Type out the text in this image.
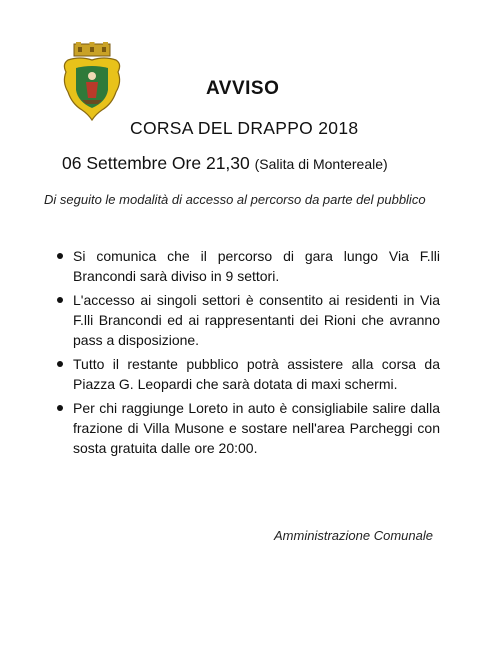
AVVISO
CORSA DEL DRAPPO 2018
06 Settembre Ore 21,30 (Salita di Montereale)
Di seguito le modalità di accesso al percorso da parte del pubblico
Si comunica che il percorso di gara lungo Via F.lli Brancondi sarà diviso in 9 settori.
L'accesso ai singoli settori è consentito ai residenti in Via F.lli Brancondi ed ai rappresentanti dei Rioni che avranno pass a disposizione.
Tutto il restante pubblico potrà assistere alla corsa da Piazza G. Leopardi che sarà dotata di maxi schermi.
Per chi raggiunge Loreto in auto è consigliabile salire dalla frazione di Villa Musone e sostare nell'area Parcheggi con sosta gratuita dalle ore 20:00.
Amministrazione Comunale
